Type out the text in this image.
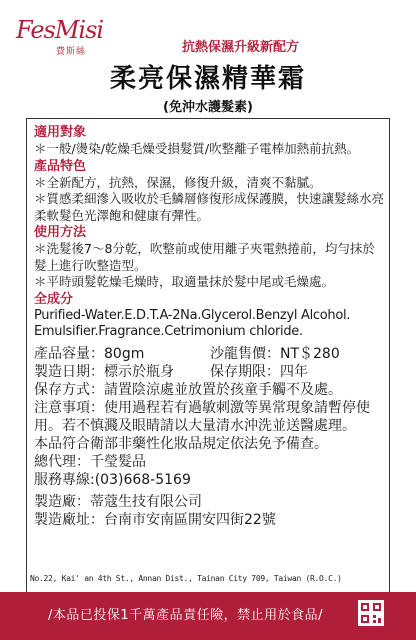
FesMisi
費斯絲	抗熱保濕升級新配方
柔亮保濕精華霜
(免沖水護髮素)
適用對象

＊一般/燙染/乾燥毛燥受損髮質/吹整離子電棒加熱前抗熱。

產品特色

＊全新配方，抗熱，保濕，修復升級，清爽不黏膩。

＊質感柔細滲入吸收於毛鱗層修復形成保護膜，快速讓髮絲水亮柔軟髮色光澤飽和健康有彈性。

使用方法

＊洗髮後7～8分乾，吹整前或使用離子夾電熱捲前，均勻抹於髮上進行吹整造型。

＊平時頭髮乾燥毛燥時，取適量抹於髮中尾或毛燥處。

全成分

Purified-Water.E.D.T.A-2Na.Glycerol.Benzyl Alcohol. Emulsifier.Fragrance.Cetrimonium chloride.

產品容量：80gm	沙龍售價：NT＄280
製造日期：標示於瓶身	保存期限：四年

保存方式：請置陰涼處並放置於孩童手觸不及處。

注意事項：使用過程若有過敏刺激等異常現象請暫停使用。若不慎濺及眼睛請以大量清水沖洗並送醫處理。

本品符合衛部非藥性化妝品規定依法免予備查。

總代理：千瑩髮品

服務專線:(03)668-5169

製造廠：蒂蔻生技有限公司

製造廠址：台南市安南區開安四街22號

No.22, Kai' an 4th St., Annan Dist., Tainan City 709, Taiwan (R.O.C.)
/本品已投保1千萬產品責任險，禁止用於食品/
